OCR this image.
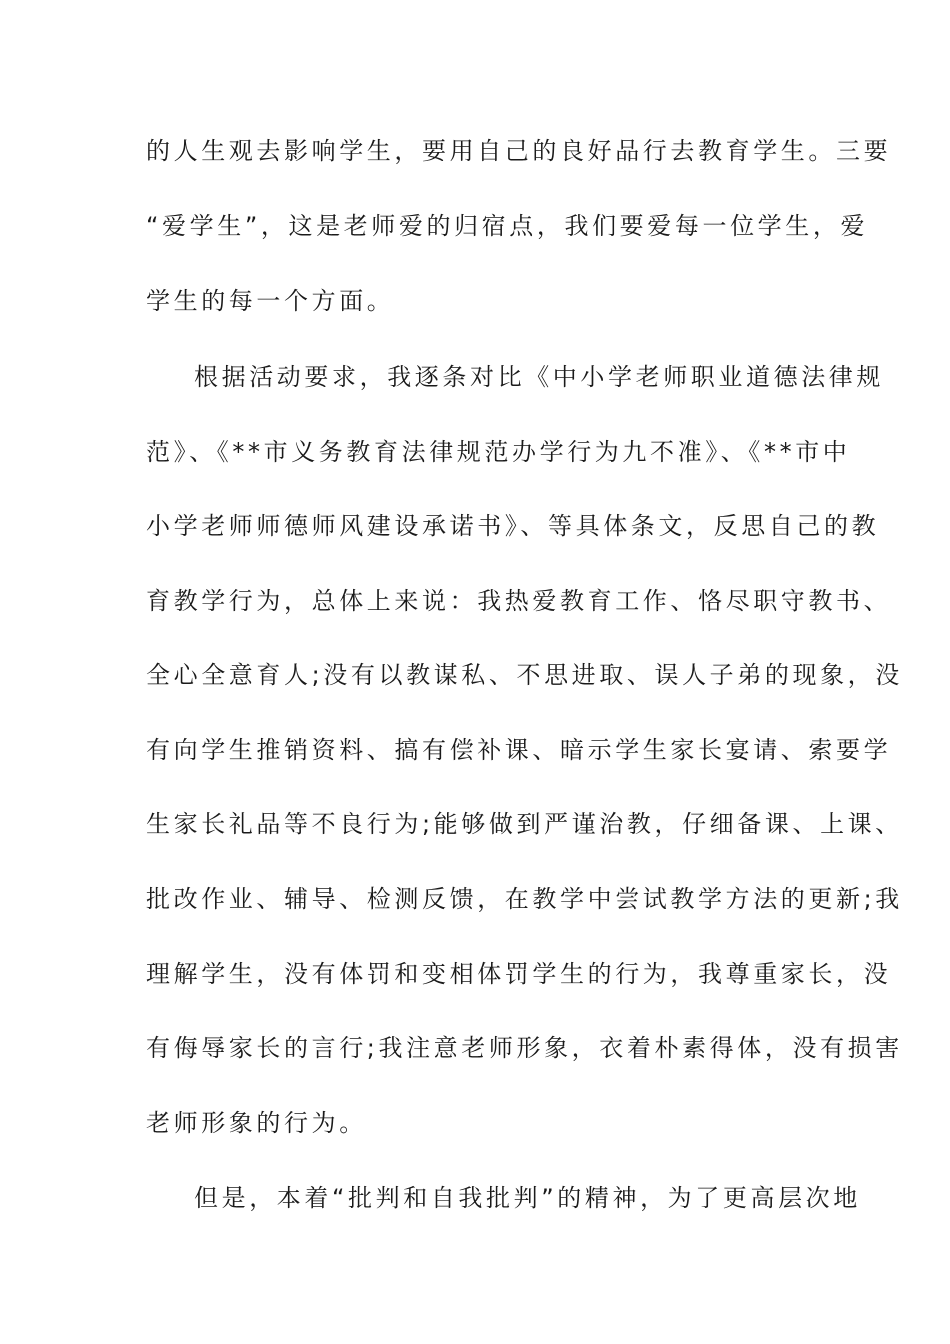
的人生观去影响学生，要用自己的良好品行去教育学生。三要
“爱学生”，这是老师爱的归宿点，我们要爱每一位学生，爱
学生的每一个方面。
根据活动要求，我逐条对比《中小学老师职业道德法律规
范》、《**市义务教育法律规范办学行为九不准》、《**市中
小学老师师德师风建设承诺书》、等具体条文，反思自己的教
育教学行为，总体上来说：我热爱教育工作、恪尽职守教书、
全心全意育人;没有以教谋私、不思进取、误人子弟的现象，没
有向学生推销资料、搞有偿补课、暗示学生家长宴请、索要学
生家长礼品等不良行为;能够做到严谨治教，仔细备课、上课、
批改作业、辅导、检测反馈，在教学中尝试教学方法的更新;我
理解学生，没有体罚和变相体罚学生的行为，我尊重家长，没
有侮辱家长的言行;我注意老师形象，衣着朴素得体，没有损害
老师形象的行为。
但是，本着“批判和自我批判”的精神，为了更高层次地
